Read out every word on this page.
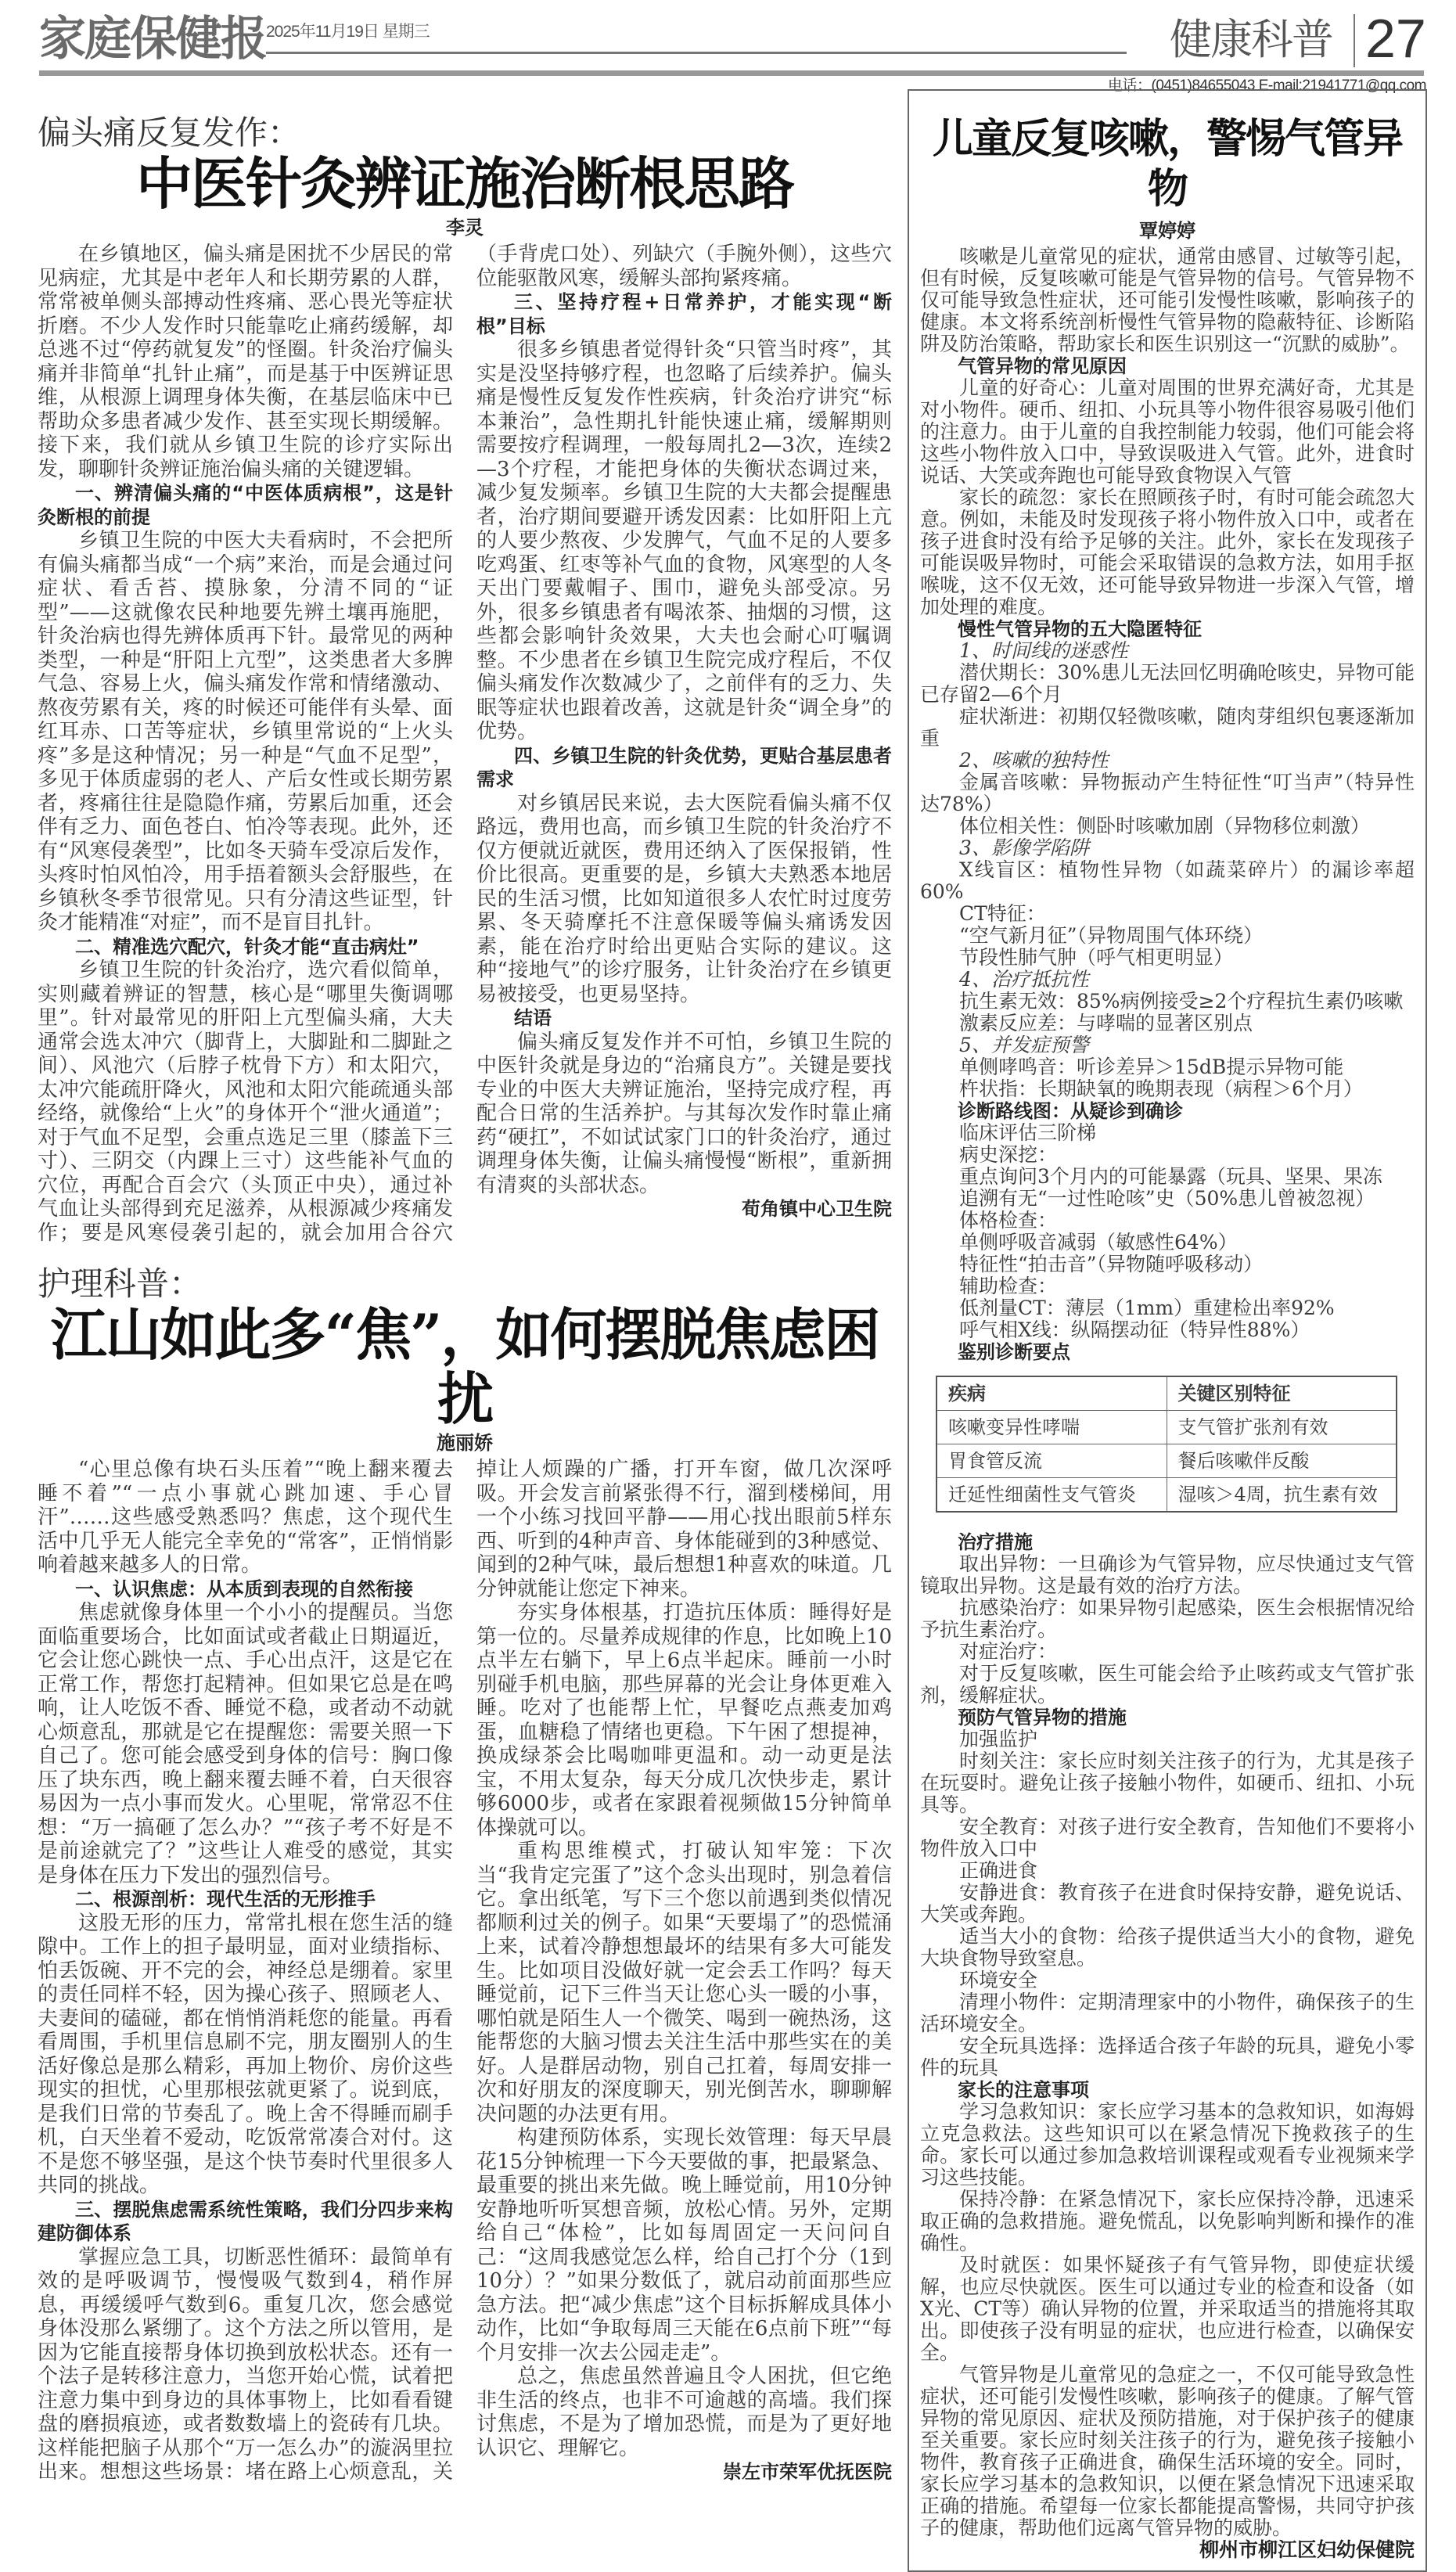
家庭保健报 2025年11月19日 星期三	健康科普 27
电话：(0451)84655043 E-mail:21941771@qq.com
偏头痛反复发作：
中医针灸辨证施治断根思路
李灵

在乡镇地区，偏头痛是困扰不少居民的常见病症，尤其是中老年人和长期劳累的人群，常常被单侧头部搏动性疼痛、恶心畏光等症状折磨。不少人发作时只能靠吃止痛药缓解，却总逃不过“停药就复发”的怪圈。针灸治疗偏头痛并非简单“扎针止痛”，而是基于中医辨证思维，从根源上调理身体失衡，在基层临床中已帮助众多患者减少发作、甚至实现长期缓解。接下来，我们就从乡镇卫生院的诊疗实际出发，聊聊针灸辨证施治偏头痛的关键逻辑。

一、辨清偏头痛的“中医体质病根”，这是针灸断根的前提

乡镇卫生院的中医大夫看病时，不会把所有偏头痛都当成“一个病”来治，而是会通过问症状、看舌苔、摸脉象，分清不同的“证型”——这就像农民种地要先辨土壤再施肥，针灸治病也得先辨体质再下针。最常见的两种类型，一种是“肝阳上亢型”，这类患者大多脾气急、容易上火，偏头痛发作常和情绪激动、熬夜劳累有关，疼的时候还可能伴有头晕、面红耳赤、口苦等症状，乡镇里常说的“上火头疼”多是这种情况；另一种是“气血不足型”，多见于体质虚弱的老人、产后女性或长期劳累者，疼痛往往是隐隐作痛，劳累后加重，还会伴有乏力、面色苍白、怕冷等表现。此外，还有“风寒侵袭型”，比如冬天骑车受凉后发作，头疼时怕风怕冷，用手捂着额头会舒服些，在乡镇秋冬季节很常见。只有分清这些证型，针灸才能精准“对症”，而不是盲目扎针。

二、精准选穴配穴，针灸才能“直击病灶”

乡镇卫生院的针灸治疗，选穴看似简单，实则藏着辨证的智慧，核心是“哪里失衡调哪里”。针对最常见的肝阳上亢型偏头痛，大夫通常会选太冲穴（脚背上，大脚趾和二脚趾之间）、风池穴（后脖子枕骨下方）和太阳穴，太冲穴能疏肝降火，风池和太阳穴能疏通头部经络，就像给“上火”的身体开个“泄火通道”；对于气血不足型，会重点选足三里（膝盖下三寸）、三阴交（内踝上三寸）这些能补气血的穴位，再配合百会穴（头顶正中央），通过补气血让头部得到充足滋养，从根源减少疼痛发作；要是风寒侵袭引起的，就会加用合谷穴（手背虎口处）、列缺穴（手腕外侧），这些穴位能驱散风寒，缓解头部拘紧疼痛。

三、坚持疗程+日常养护，才能实现“断根”目标

很多乡镇患者觉得针灸“只管当时疼”，其实是没坚持够疗程，也忽略了后续养护。偏头痛是慢性反复发作性疾病，针灸治疗讲究“标本兼治”，急性期扎针能快速止痛，缓解期则需要按疗程调理，一般每周扎2—3次，连续2—3个疗程，才能把身体的失衡状态调过来，减少复发频率。乡镇卫生院的大夫都会提醒患者，治疗期间要避开诱发因素：比如肝阳上亢的人要少熬夜、少发脾气，气血不足的人要多吃鸡蛋、红枣等补气血的食物，风寒型的人冬天出门要戴帽子、围巾，避免头部受凉。另外，很多乡镇患者有喝浓茶、抽烟的习惯，这些都会影响针灸效果，大夫也会耐心叮嘱调整。不少患者在乡镇卫生院完成疗程后，不仅偏头痛发作次数减少了，之前伴有的乏力、失眠等症状也跟着改善，这就是针灸“调全身”的优势。

四、乡镇卫生院的针灸优势，更贴合基层患者需求

对乡镇居民来说，去大医院看偏头痛不仅路远，费用也高，而乡镇卫生院的针灸治疗不仅方便就近就医，费用还纳入了医保报销，性价比很高。更重要的是，乡镇大夫熟悉本地居民的生活习惯，比如知道很多人农忙时过度劳累、冬天骑摩托不注意保暖等偏头痛诱发因素，能在治疗时给出更贴合实际的建议。这种“接地气”的诊疗服务，让针灸治疗在乡镇更易被接受，也更易坚持。

结语

偏头痛反复发作并不可怕，乡镇卫生院的中医针灸就是身边的“治痛良方”。关键是要找专业的中医大夫辨证施治，坚持完成疗程，再配合日常的生活养护。与其每次发作时靠止痛药“硬扛”，不如试试家门口的针灸治疗，通过调理身体失衡，让偏头痛慢慢“断根”，重新拥有清爽的头部状态。

荀角镇中心卫生院

护理科普：
江山如此多“焦”，如何摆脱焦虑困扰
施丽娇

“心里总像有块石头压着”“晚上翻来覆去睡不着”“一点小事就心跳加速、手心冒汗”……这些感受熟悉吗？焦虑，这个现代生活中几乎无人能完全幸免的“常客”，正悄悄影响着越来越多人的日常。

一、认识焦虑：从本质到表现的自然衔接

焦虑就像身体里一个小小的提醒员。当您面临重要场合，比如面试或者截止日期逼近，它会让您心跳快一点、手心出点汗，这是它在正常工作，帮您打起精神。但如果它总是在鸣响，让人吃饭不香、睡觉不稳，或者动不动就心烦意乱，那就是它在提醒您：需要关照一下自己了。您可能会感受到身体的信号：胸口像压了块东西，晚上翻来覆去睡不着，白天很容易因为一点小事而发火。心里呢，常常忍不住想：“万一搞砸了怎么办？”“孩子考不好是不是前途就完了？”这些让人难受的感觉，其实是身体在压力下发出的强烈信号。

二、根源剖析：现代生活的无形推手

这股无形的压力，常常扎根在您生活的缝隙中。工作上的担子最明显，面对业绩指标、怕丢饭碗、开不完的会，神经总是绷着。家里的责任同样不轻，因为操心孩子、照顾老人、夫妻间的磕碰，都在悄悄消耗您的能量。再看看周围，手机里信息刷不完，朋友圈别人的生活好像总是那么精彩，再加上物价、房价这些现实的担忧，心里那根弦就更紧了。说到底，是我们日常的节奏乱了。晚上舍不得睡而刷手机，白天坐着不爱动，吃饭常常凑合对付。这不是您不够坚强，是这个快节奏时代里很多人共同的挑战。

三、摆脱焦虑需系统性策略，我们分四步来构建防御体系

掌握应急工具，切断恶性循环：最简单有效的是呼吸调节，慢慢吸气数到4，稍作屏息，再缓缓呼气数到6。重复几次，您会感觉身体没那么紧绷了。这个方法之所以管用，是因为它能直接帮身体切换到放松状态。还有一个法子是转移注意力，当您开始心慌，试着把注意力集中到身边的具体事物上，比如看看键盘的磨损痕迹，或者数数墙上的瓷砖有几块。这样能把脑子从那个“万一怎么办”的漩涡里拉出来。想想这些场景：堵在路上心烦意乱，关掉让人烦躁的广播，打开车窗，做几次深呼吸。开会发言前紧张得不行，溜到楼梯间，用一个小练习找回平静——用心找出眼前5样东西、听到的4种声音、身体能碰到的3种感觉、闻到的2种气味，最后想想1种喜欢的味道。几分钟就能让您定下神来。

夯实身体根基，打造抗压体质：睡得好是第一位的。尽量养成规律的作息，比如晚上10点半左右躺下，早上6点半起床。睡前一小时别碰手机电脑，那些屏幕的光会让身体更难入睡。吃对了也能帮上忙，早餐吃点燕麦加鸡蛋，血糖稳了情绪也更稳。下午困了想提神，换成绿茶会比喝咖啡更温和。动一动更是法宝，不用太复杂，每天分成几次快步走，累计够6000步，或者在家跟着视频做15分钟简单体操就可以。

重构思维模式，打破认知牢笼：下次当“我肯定完蛋了”这个念头出现时，别急着信它。拿出纸笔，写下三个您以前遇到类似情况都顺利过关的例子。如果“天要塌了”的恐慌涌上来，试着冷静想想最坏的结果有多大可能发生。比如项目没做好就一定会丢工作吗？每天睡觉前，记下三件当天让您心头一暖的小事，哪怕就是陌生人一个微笑、喝到一碗热汤，这能帮您的大脑习惯去关注生活中那些实在的美好。人是群居动物，别自己扛着，每周安排一次和好朋友的深度聊天，别光倒苦水，聊聊解决问题的办法更有用。

构建预防体系，实现长效管理：每天早晨花15分钟梳理一下今天要做的事，把最紧急、最重要的挑出来先做。晚上睡觉前，用10分钟安静地听听冥想音频，放松心情。另外，定期给自己“体检”，比如每周固定一天问问自己：“这周我感觉怎么样，给自己打个分（1到10分）？”如果分数低了，就启动前面那些应急方法。把“减少焦虑”这个目标拆解成具体小动作，比如“争取每周三天能在6点前下班”“每个月安排一次去公园走走”。

总之，焦虑虽然普遍且令人困扰，但它绝非生活的终点，也非不可逾越的高墙。我们探讨焦虑，不是为了增加恐慌，而是为了更好地认识它、理解它。

崇左市荣军优抚医院

儿童反复咳嗽，警惕气管异物
覃婷婷

咳嗽是儿童常见的症状，通常由感冒、过敏等引起，但有时候，反复咳嗽可能是气管异物的信号。气管异物不仅可能导致急性症状，还可能引发慢性咳嗽，影响孩子的健康。本文将系统剖析慢性气管异物的隐蔽特征、诊断陷阱及防治策略，帮助家长和医生识别这一“沉默的威胁”。

气管异物的常见原因

儿童的好奇心：儿童对周围的世界充满好奇，尤其是对小物件。硬币、纽扣、小玩具等小物件很容易吸引他们的注意力。由于儿童的自我控制能力较弱，他们可能会将这些小物件放入口中，导致误吸进入气管。此外，进食时说话、大笑或奔跑也可能导致食物误入气管

家长的疏忽：家长在照顾孩子时，有时可能会疏忽大意。例如，未能及时发现孩子将小物件放入口中，或者在孩子进食时没有给予足够的关注。此外，家长在发现孩子可能误吸异物时，可能会采取错误的急救方法，如用手抠喉咙，这不仅无效，还可能导致异物进一步深入气管，增加处理的难度。

慢性气管异物的五大隐匿特征

1、时间线的迷惑性

潜伏期长：30%患儿无法回忆明确呛咳史，异物可能已存留2—6个月

症状渐进：初期仅轻微咳嗽，随肉芽组织包裹逐渐加重

2、咳嗽的独特性

金属音咳嗽：异物振动产生特征性“叮当声”（特异性达78%）

体位相关性：侧卧时咳嗽加剧（异物移位刺激）

3、影像学陷阱

X线盲区：植物性异物（如蔬菜碎片）的漏诊率超60%

CT特征：

“空气新月征”（异物周围气体环绕）

节段性肺气肿（呼气相更明显）

4、治疗抵抗性

抗生素无效：85%病例接受≥2个疗程抗生素仍咳嗽

激素反应差：与哮喘的显著区别点

5、并发症预警

单侧哮鸣音：听诊差异＞15dB提示异物可能

杵状指：长期缺氧的晚期表现（病程＞6个月）

诊断路线图：从疑诊到确诊

临床评估三阶梯

病史深挖：

重点询问3个月内的可能暴露（玩具、坚果、果冻

追溯有无“一过性呛咳”史（50%患儿曾被忽视）

体格检查：

单侧呼吸音减弱（敏感性64%）

特征性“拍击音”（异物随呼吸移动）

辅助检查：

低剂量CT：薄层（1mm）重建检出率92%

呼气相X线：纵隔摆动征（特异性88%）

鉴别诊断要点

疾病	关键区别特征
咳嗽变异性哮喘	支气管扩张剂有效
胃食管反流	餐后咳嗽伴反酸
迁延性细菌性支气管炎	湿咳＞4周，抗生素有效

治疗措施

取出异物：一旦确诊为气管异物，应尽快通过支气管镜取出异物。这是最有效的治疗方法。

抗感染治疗：如果异物引起感染，医生会根据情况给予抗生素治疗。

对症治疗：

对于反复咳嗽，医生可能会给予止咳药或支气管扩张剂，缓解症状。

预防气管异物的措施

加强监护

时刻关注：家长应时刻关注孩子的行为，尤其是孩子在玩耍时。避免让孩子接触小物件，如硬币、纽扣、小玩具等。

安全教育：对孩子进行安全教育，告知他们不要将小物件放入口中

正确进食

安静进食：教育孩子在进食时保持安静，避免说话、大笑或奔跑。

适当大小的食物：给孩子提供适当大小的食物，避免大块食物导致窒息。

环境安全

清理小物件：定期清理家中的小物件，确保孩子的生活环境安全。

安全玩具选择：选择适合孩子年龄的玩具，避免小零件的玩具

家长的注意事项

学习急救知识：家长应学习基本的急救知识，如海姆立克急救法。这些知识可以在紧急情况下挽救孩子的生命。家长可以通过参加急救培训课程或观看专业视频来学习这些技能。

保持冷静：在紧急情况下，家长应保持冷静，迅速采取正确的急救措施。避免慌乱，以免影响判断和操作的准确性。

及时就医：如果怀疑孩子有气管异物，即使症状缓解，也应尽快就医。医生可以通过专业的检查和设备（如X光、CT等）确认异物的位置，并采取适当的措施将其取出。即使孩子没有明显的症状，也应进行检查，以确保安全。

气管异物是儿童常见的急症之一，不仅可能导致急性症状，还可能引发慢性咳嗽，影响孩子的健康。了解气管异物的常见原因、症状及预防措施，对于保护孩子的健康至关重要。家长应时刻关注孩子的行为，避免孩子接触小物件，教育孩子正确进食，确保生活环境的安全。同时，家长应学习基本的急救知识，以便在紧急情况下迅速采取正确的措施。希望每一位家长都能提高警惕，共同守护孩子的健康，帮助他们远离气管异物的威胁。

柳州市柳江区妇幼保健院
